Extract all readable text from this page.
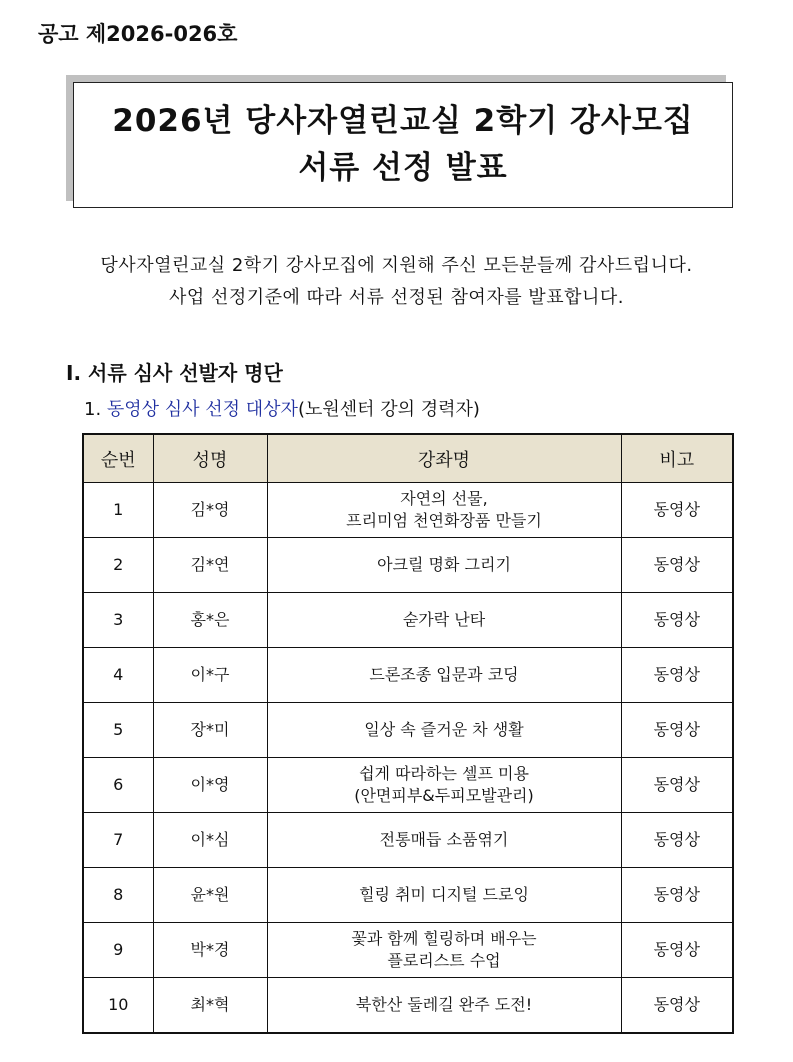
공고 제2026-026호
2026년 당사자열린교실 2학기 강사모집
서류 선정 발표
당사자열린교실 2학기 강사모집에 지원해 주신 모든분들께 감사드립니다.
사업 선정기준에 따라 서류 선정된 참여자를 발표합니다.
Ⅰ. 서류 심사 선발자 명단
1. 동영상 심사 선정 대상자(노원센터 강의 경력자)
순번	성명	강좌명	비고
1	김*영	자연의 선물,
프리미엄 천연화장품 만들기	동영상
2	김*연	아크릴 명화 그리기	동영상
3	홍*은	숟가락 난타	동영상
4	이*구	드론조종 입문과 코딩	동영상
5	장*미	일상 속 즐거운 차 생활	동영상
6	이*영	쉽게 따라하는 셀프 미용
(안면피부&두피모발관리)	동영상
7	이*심	전통매듭 소품엮기	동영상
8	윤*원	힐링 취미 디지털 드로잉	동영상
9	박*경	꽃과 함께 힐링하며 배우는
플로리스트 수업	동영상
10	최*혁	북한산 둘레길 완주 도전!	동영상
